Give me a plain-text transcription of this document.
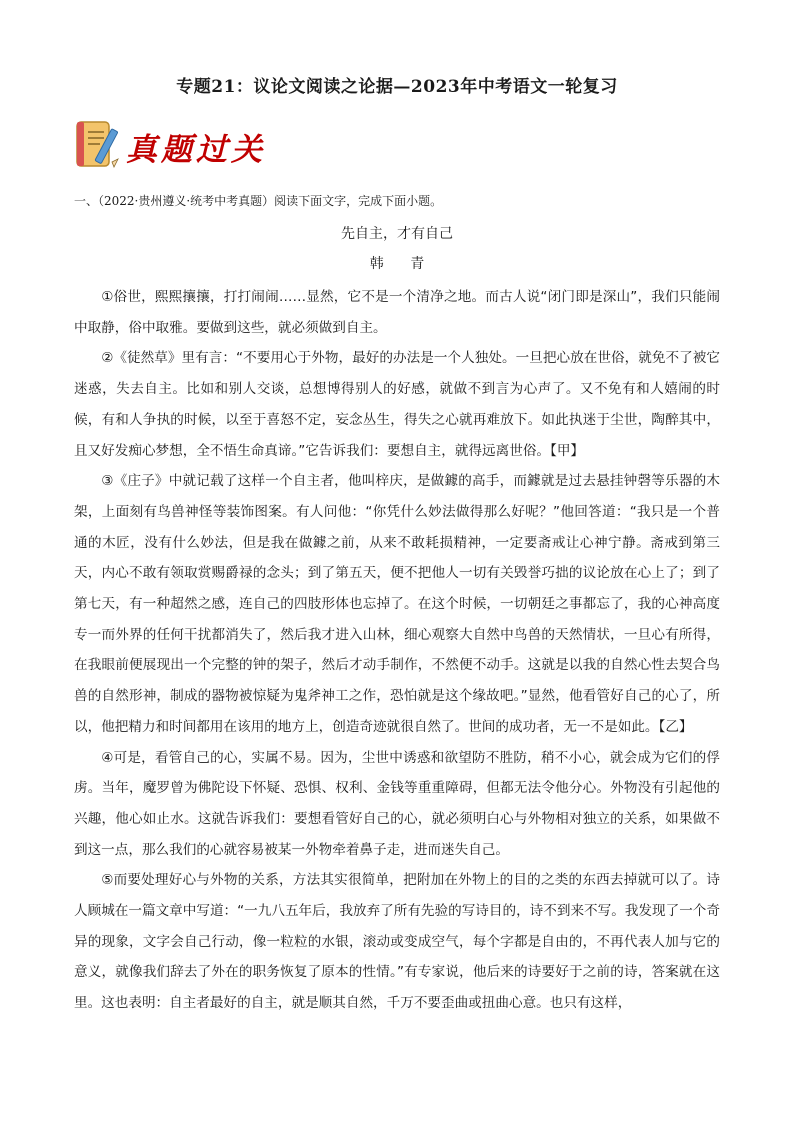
专题21：议论文阅读之论据—2023年中考语文一轮复习
真题过关
一、（2022·贵州遵义·统考中考真题）阅读下面文字，完成下面小题。
先自主，才有自己
韩 青

①俗世，熙熙攘攘，打打闹闹……显然，它不是一个清净之地。而古人说“闭门即是深山”，我们只能闹中取静，俗中取雅。要做到这些，就必须做到自主。

②《徒然草》里有言：“不要用心于外物，最好的办法是一个人独处。一旦把心放在世俗，就免不了被它迷惑，失去自主。比如和别人交谈，总想博得别人的好感，就做不到言为心声了。又不免有和人嬉闹的时候，有和人争执的时候，以至于喜怒不定，妄念丛生，得失之心就再难放下。如此执迷于尘世，陶醉其中，且又好发痴心梦想，全不悟生命真谛。”它告诉我们：要想自主，就得远离世俗。【甲】

③《庄子》中就记载了这样一个自主者，他叫梓庆，是做鐻的高手，而鐻就是过去悬挂钟磬等乐器的木架，上面刻有鸟兽神怪等装饰图案。有人问他：“你凭什么妙法做得那么好呢？”他回答道：“我只是一个普通的木匠，没有什么妙法，但是我在做鐻之前，从来不敢耗损精神，一定要斋戒让心神宁静。斋戒到第三天，内心不敢有领取赏赐爵禄的念头；到了第五天，便不把他人一切有关毁誉巧拙的议论放在心上了；到了第七天，有一种超然之感，连自己的四肢形体也忘掉了。在这个时候，一切朝廷之事都忘了，我的心神高度专一而外界的任何干扰都消失了，然后我才进入山林，细心观察大自然中鸟兽的天然情状，一旦心有所得，在我眼前便展现出一个完整的钟的架子，然后才动手制作，不然便不动手。这就是以我的自然心性去契合鸟兽的自然形神，制成的器物被惊疑为鬼斧神工之作，恐怕就是这个缘故吧。”显然，他看管好自己的心了，所以，他把精力和时间都用在该用的地方上，创造奇迹就很自然了。世间的成功者，无一不是如此。【乙】

④可是，看管自己的心，实属不易。因为，尘世中诱惑和欲望防不胜防，稍不小心，就会成为它们的俘虏。当年，魔罗曾为佛陀设下怀疑、恐惧、权利、金钱等重重障碍，但都无法令他分心。外物没有引起他的兴趣，他心如止水。这就告诉我们：要想看管好自己的心，就必须明白心与外物相对独立的关系，如果做不到这一点，那么我们的心就容易被某一外物牵着鼻子走，进而迷失自己。

⑤而要处理好心与外物的关系，方法其实很简单，把附加在外物上的目的之类的东西去掉就可以了。诗人顾城在一篇文章中写道：“一九八五年后，我放弃了所有先验的写诗目的，诗不到来不写。我发现了一个奇异的现象，文字会自己行动，像一粒粒的水银，滚动或变成空气，每个字都是自由的，不再代表人加与它的意义，就像我们辞去了外在的职务恢复了原本的性情。”有专家说，他后来的诗要好于之前的诗，答案就在这里。这也表明：自主者最好的自主，就是顺其自然，千万不要歪曲或扭曲心意。也只有这样，
